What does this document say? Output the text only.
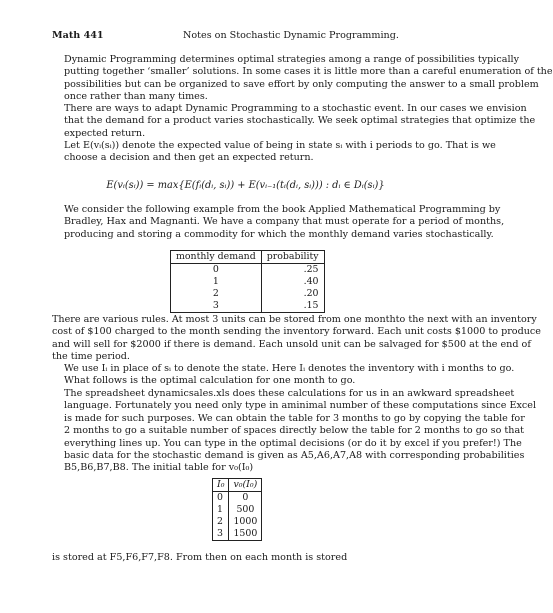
Math 441	Notes on Stochastic Dynamic Programming.
Dynamic Programming determines optimal strategies among a range of possibilities typically
putting together ‘smaller’ solutions. In some cases it is little more than a careful enumeration of the
possibilities but can be organized to save effort by only computing the answer to a small problem
once rather than many times.
There are ways to adapt Dynamic Programming to a stochastic event. In our cases we envision
that the demand for a product varies stochastically. We seek optimal strategies that optimize the
expected return.
Let E(vᵢ(sᵢ)) denote the expected value of being in state sᵢ with i periods to go. That is we
choose a decision and then get an expected return.
E(vᵢ(sᵢ)) = max{E(fᵢ(dᵢ, sᵢ)) + E(vᵢ₋₁(tᵢ(dᵢ, sᵢ))) : dᵢ ∈ Dᵢ(sᵢ)}
We consider the following example from the book Applied Mathematical Programming by
Bradley, Hax and Magnanti. We have a company that must operate for a period of months,
producing and storing a commodity for which the monthly demand varies stochastically.
monthly demand	probability
0	.25
1	.40
2	.20
3	.15
There are various rules. At most 3 units can be stored from one monthto the next with an inventory
cost of $100 charged to the month sending the inventory forward. Each unit costs $1000 to produce
and will sell for $2000 if there is demand. Each unsold unit can be salvaged for $500 at the end of
the time period.
We use Iᵢ in place of sᵢ to denote the state. Here Iᵢ denotes the inventory with i months to go.
What follows is the optimal calculation for one month to go.
The spreadsheet dynamicsales.xls does these calculations for us in an awkward spreadsheet
language. Fortunately you need only type in aminimal number of these computations since Excel
is made for such purposes. We can obtain the table for 3 months to go by copying the table for
2 months to go a suitable number of spaces directly below the table for 2 months to go so that
everything lines up. You can type in the optimal decisions (or do it by excel if you prefer!) The
basic data for the stochastic demand is given as A5,A6,A7,A8 with corresponding probabilities
B5,B6,B7,B8. The initial table for v₀(I₀)
I₀	v₀(I₀)
0	0
1	500
2	1000
3	1500
is stored at F5,F6,F7,F8. From then on each month is stored
